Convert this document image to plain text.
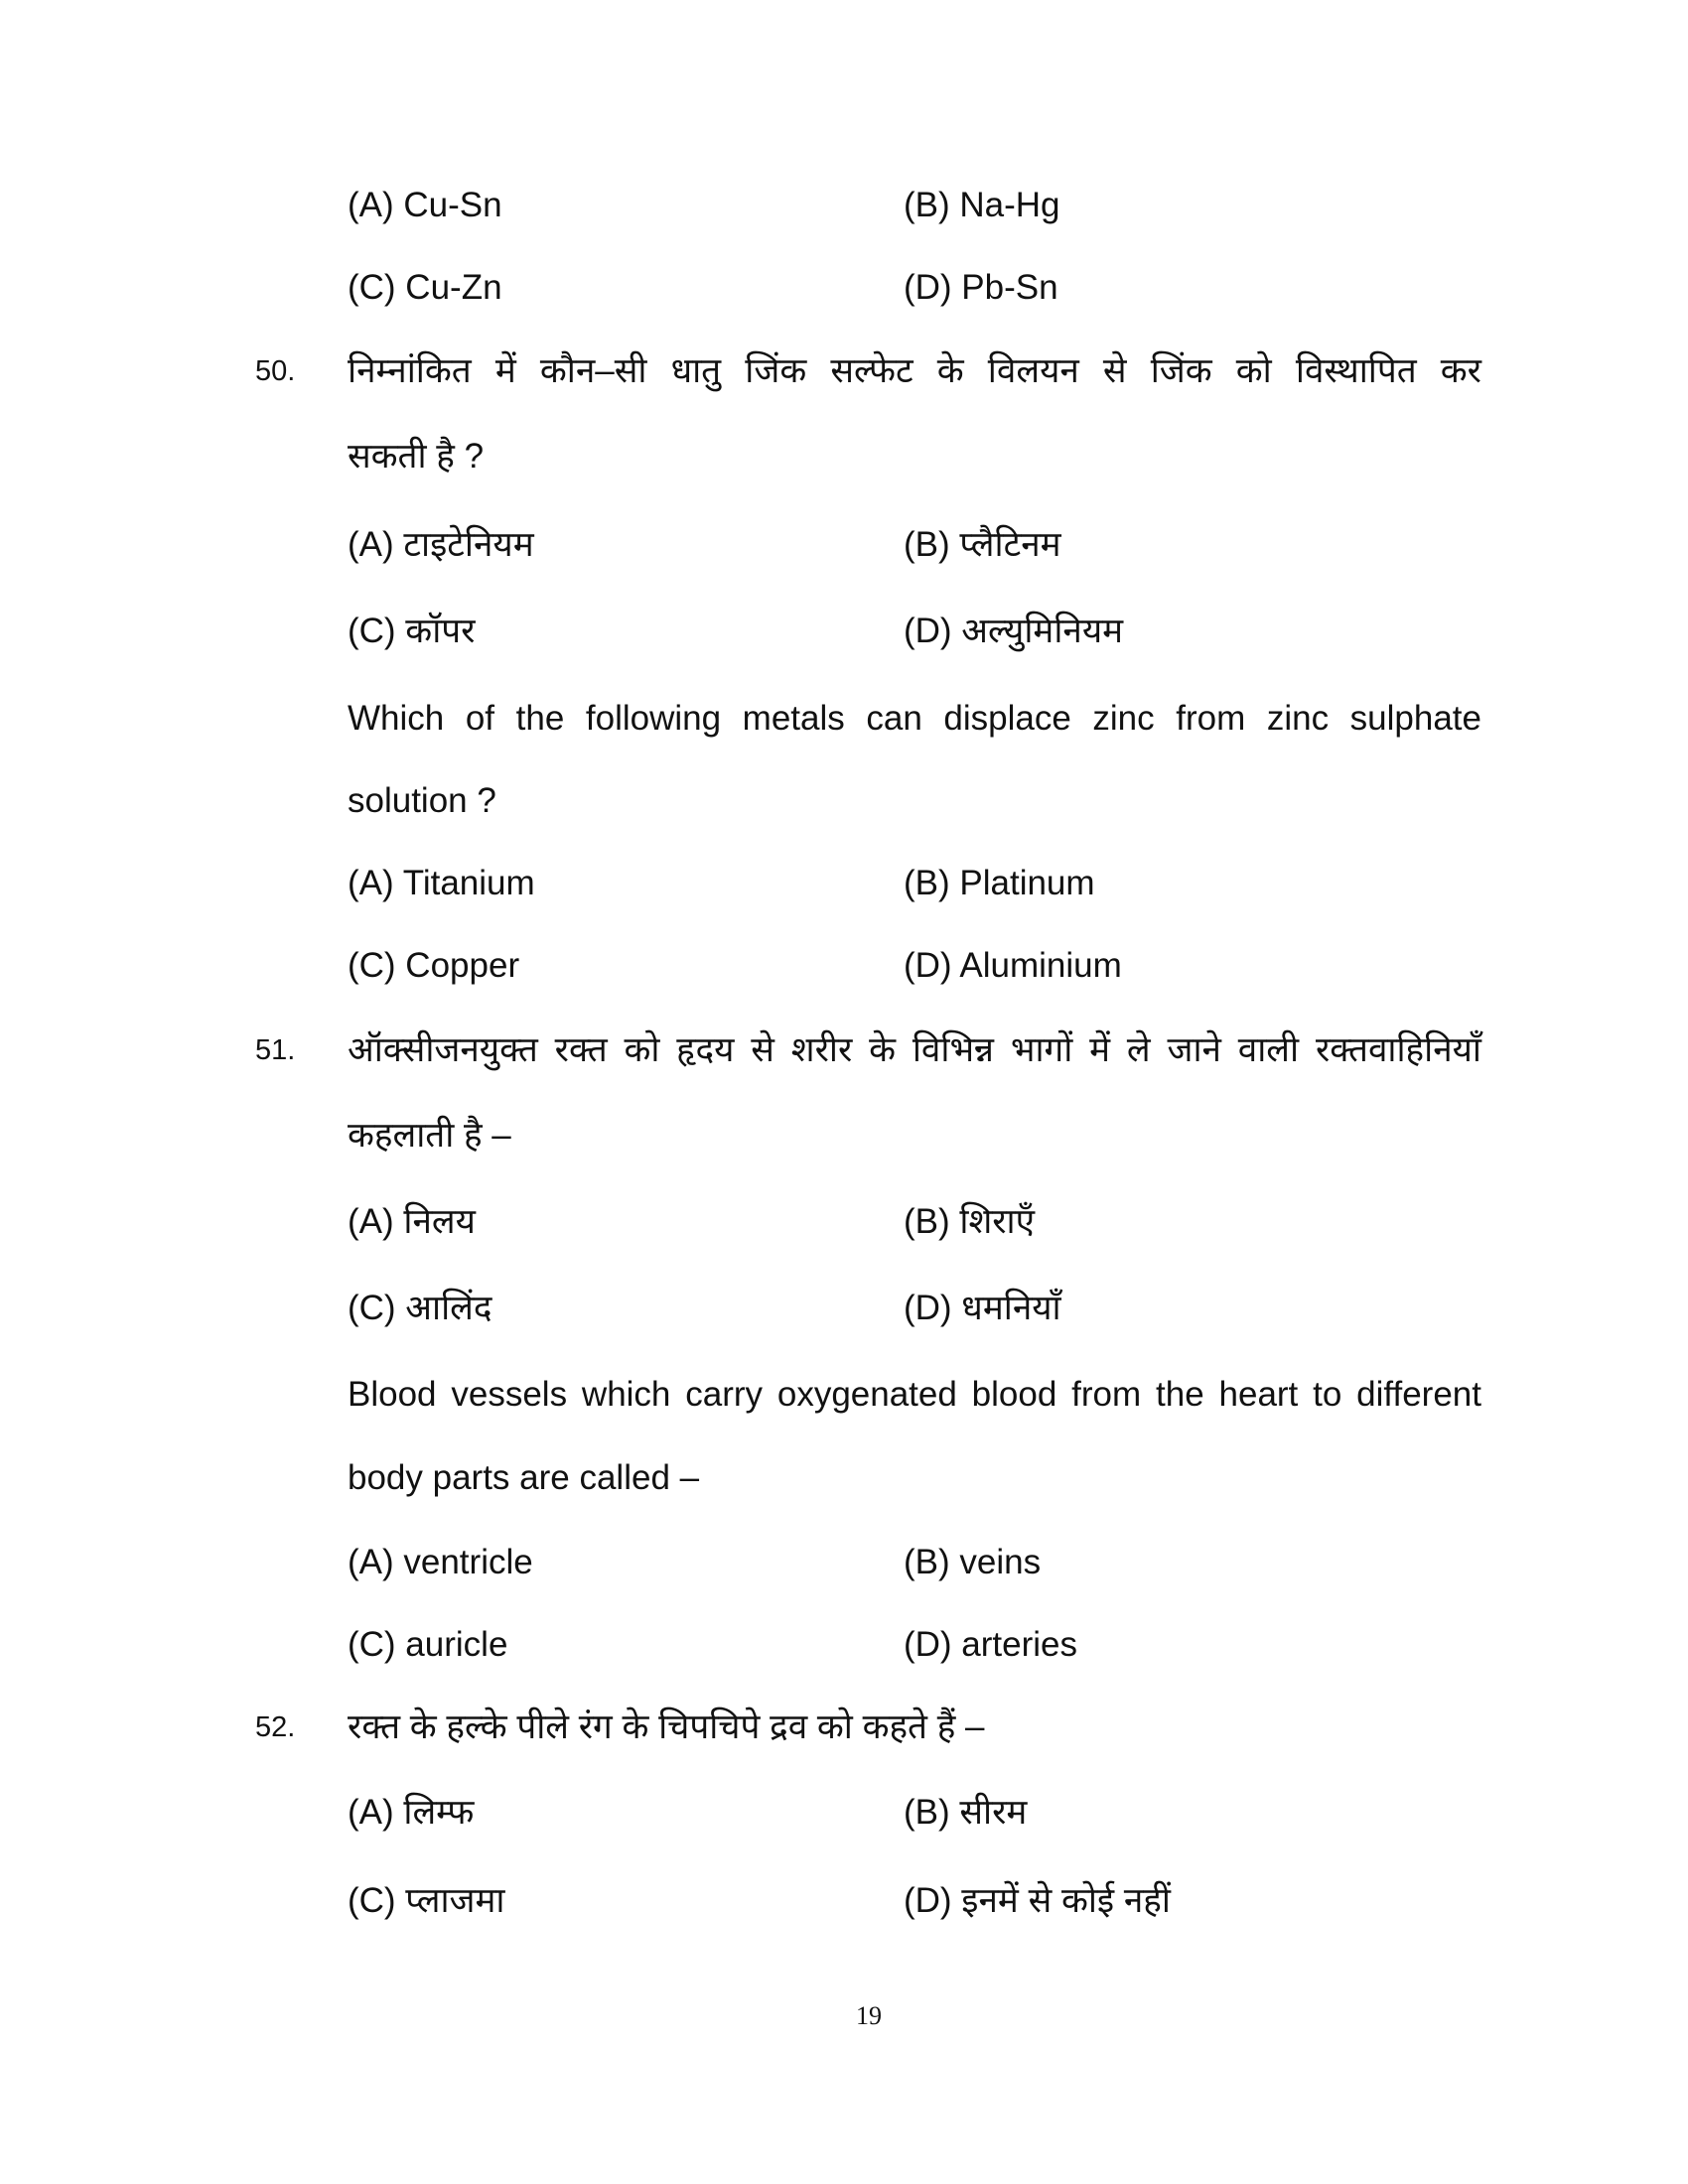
(A) Cu-Sn	(B) Na-Hg
(C) Cu-Zn	(D) Pb-Sn
50. निम्नांकित में कौन–सी धातु जिंक सल्फेट के विलयन से जिंक को विस्थापित कर
सकती है ?
(A) टाइटेनियम	(B) प्लैटिनम
(C) कॉपर	(D) अल्युमिनियम
Which of the following metals can displace zinc from zinc sulphate
solution ?
(A) Titanium	(B) Platinum
(C) Copper	(D) Aluminium
51. ऑक्सीजनयुक्त रक्त को हृदय से शरीर के विभिन्न भागों में ले जाने वाली रक्तवाहिनियाँ
कहलाती है –
(A) निलय	(B) शिराएँ
(C) आलिंद	(D) धमनियाँ
Blood vessels which carry oxygenated blood from the heart to different
body parts are called –
(A) ventricle	(B) veins
(C) auricle	(D) arteries
52. रक्त के हल्के पीले रंग के चिपचिपे द्रव को कहते हैं –
(A) लिम्फ	(B) सीरम
(C) प्लाजमा	(D) इनमें से कोई नहीं
19
